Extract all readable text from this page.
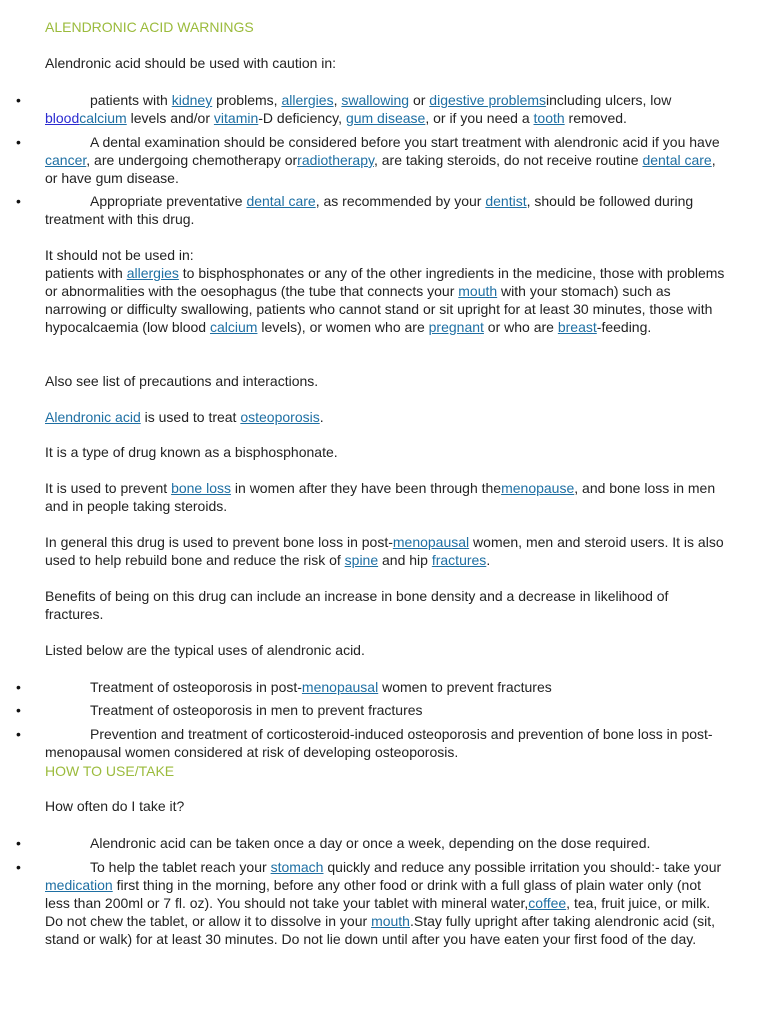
ALENDRONIC ACID WARNINGS
Alendronic acid should be used with caution in:
•	patients with kidney problems, allergies, swallowing or digestive problemsincluding ulcers, low bloodcalcium levels and/or vitamin-D deficiency, gum disease, or if you need a tooth removed.
•	A dental examination should be considered before you start treatment with alendronic acid if you have cancer, are undergoing chemotherapy orradiotherapy, are taking steroids, do not receive routine dental care, or have gum disease.
•	Appropriate preventative dental care, as recommended by your dentist, should be followed during treatment with this drug.
It should not be used in:
patients with allergies to bisphosphonates or any of the other ingredients in the medicine, those with problems or abnormalities with the oesophagus (the tube that connects your mouth with your stomach) such as narrowing or difficulty swallowing, patients who cannot stand or sit upright for at least 30 minutes, those with hypocalcaemia (low blood calcium levels), or women who are pregnant or who are breast-feeding.
Also see list of precautions and interactions.
Alendronic acid is used to treat osteoporosis.
It is a type of drug known as a bisphosphonate.
It is used to prevent bone loss in women after they have been through themenopause, and bone loss in men and in people taking steroids.
In general this drug is used to prevent bone loss in post-menopausal women, men and steroid users. It is also used to help rebuild bone and reduce the risk of spine and hip fractures.
Benefits of being on this drug can include an increase in bone density and a decrease in likelihood of fractures.
Listed below are the typical uses of alendronic acid.
•	Treatment of osteoporosis in post-menopausal women to prevent fractures
•	Treatment of osteoporosis in men to prevent fractures
•	Prevention and treatment of corticosteroid-induced osteoporosis and prevention of bone loss in post-menopausal women considered at risk of developing osteoporosis.
HOW TO USE/TAKE
How often do I take it?
•	Alendronic acid can be taken once a day or once a week, depending on the dose required.
•	To help the tablet reach your stomach quickly and reduce any possible irritation you should:- take your medication first thing in the morning, before any other food or drink with a full glass of plain water only (not less than 200ml or 7 fl. oz). You should not take your tablet with mineral water,coffee, tea, fruit juice, or milk. Do not chew the tablet, or allow it to dissolve in your mouth.Stay fully upright after taking alendronic acid (sit, stand or walk) for at least 30 minutes. Do not lie down until after you have eaten your first food of the day.
